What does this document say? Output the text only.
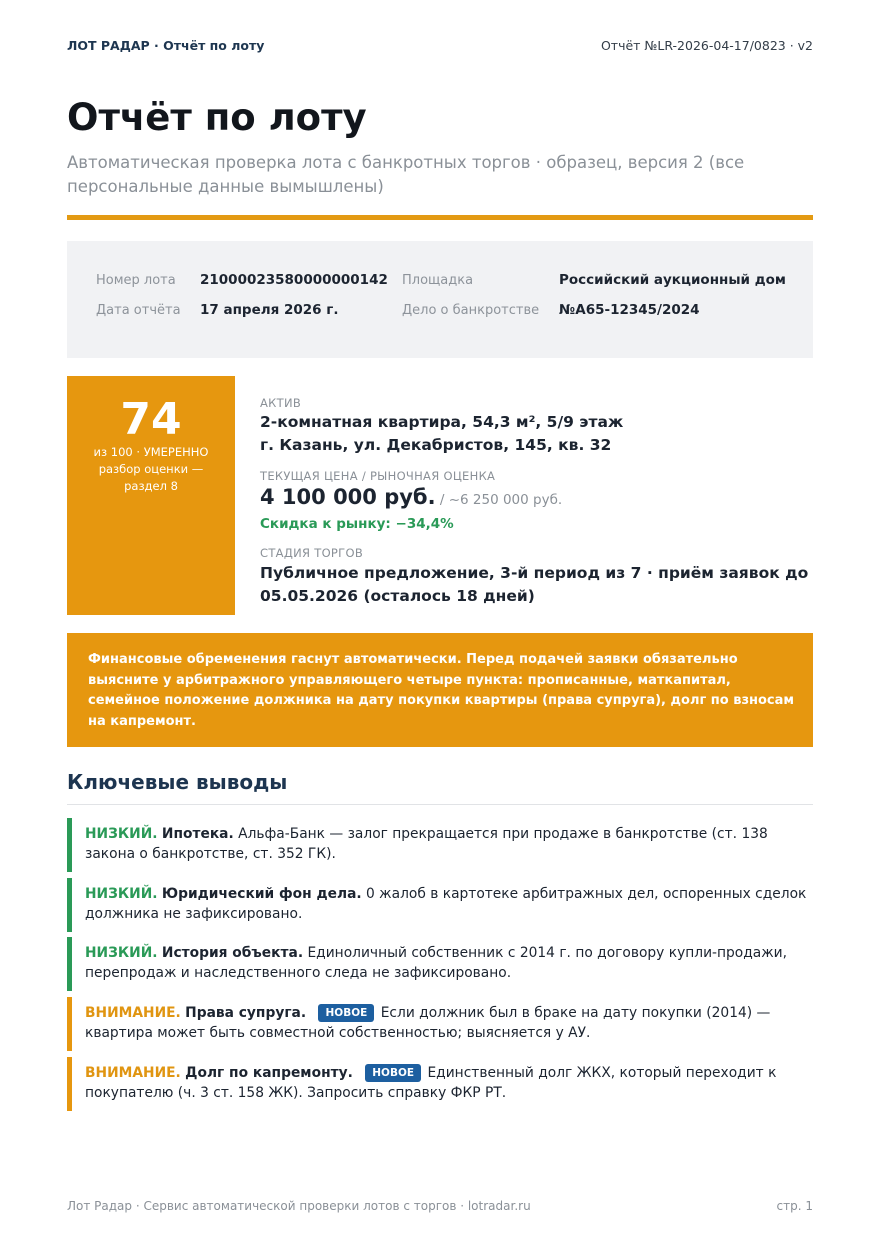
ЛОТ РАДАР · Отчёт по лоту	Отчёт №LR-2026-04-17/0823 · v2
Отчёт по лоту
Автоматическая проверка лота с банкротных торгов · образец, версия 2 (все персональные данные вымышлены)
Номер лота 21000023580000000142 Площадка	Российский аукционный дом
Дата отчёта 17 апреля 2026 г.	Дело о банкротстве №А65-12345/2024
74
из 100 · УМЕРЕННО
разбор оценки —
раздел 8
АКТИВ
2-комнатная квартира, 54,3 м², 5/9 этаж
г. Казань, ул. Декабристов, 145, кв. 32
ТЕКУЩАЯ ЦЕНА / РЫНОЧНАЯ ОЦЕНКА
4 100 000 руб. / ~6 250 000 руб.
Скидка к рынку: −34,4%
СТАДИЯ ТОРГОВ
Публичное предложение, 3-й период из 7 · приём заявок до
05.05.2026 (осталось 18 дней)

Финансовые обременения гаснут автоматически. Перед подачей заявки обязательно выясните у арбитражного управляющего четыре пункта: прописанные, маткапитал, семейное положение должника на дату покупки квартиры (права супруга), долг по взносам на капремонт.

Ключевые выводы
НИЗКИЙ. Ипотека. Альфа-Банк — залог прекращается при продаже в банкротстве (ст. 138 закона о банкротстве, ст. 352 ГК).
НИЗКИЙ. Юридический фон дела. 0 жалоб в картотеке арбитражных дел, оспоренных сделок должника не зафиксировано.
НИЗКИЙ. История объекта. Единоличный собственник с 2014 г. по договору купли-продажи, перепродаж и наследственного следа не зафиксировано.
ВНИМАНИЕ. Права супруга. НОВОЕ Если должник был в браке на дату покупки (2014) — квартира может быть совместной собственностью; выясняется у АУ.
ВНИМАНИЕ. Долг по капремонту. НОВОЕ Единственный долг ЖКХ, который переходит к покупателю (ч. 3 ст. 158 ЖК). Запросить справку ФКР РТ.
Лот Радар · Сервис автоматической проверки лотов с торгов · lotradar.ru	стр. 1
